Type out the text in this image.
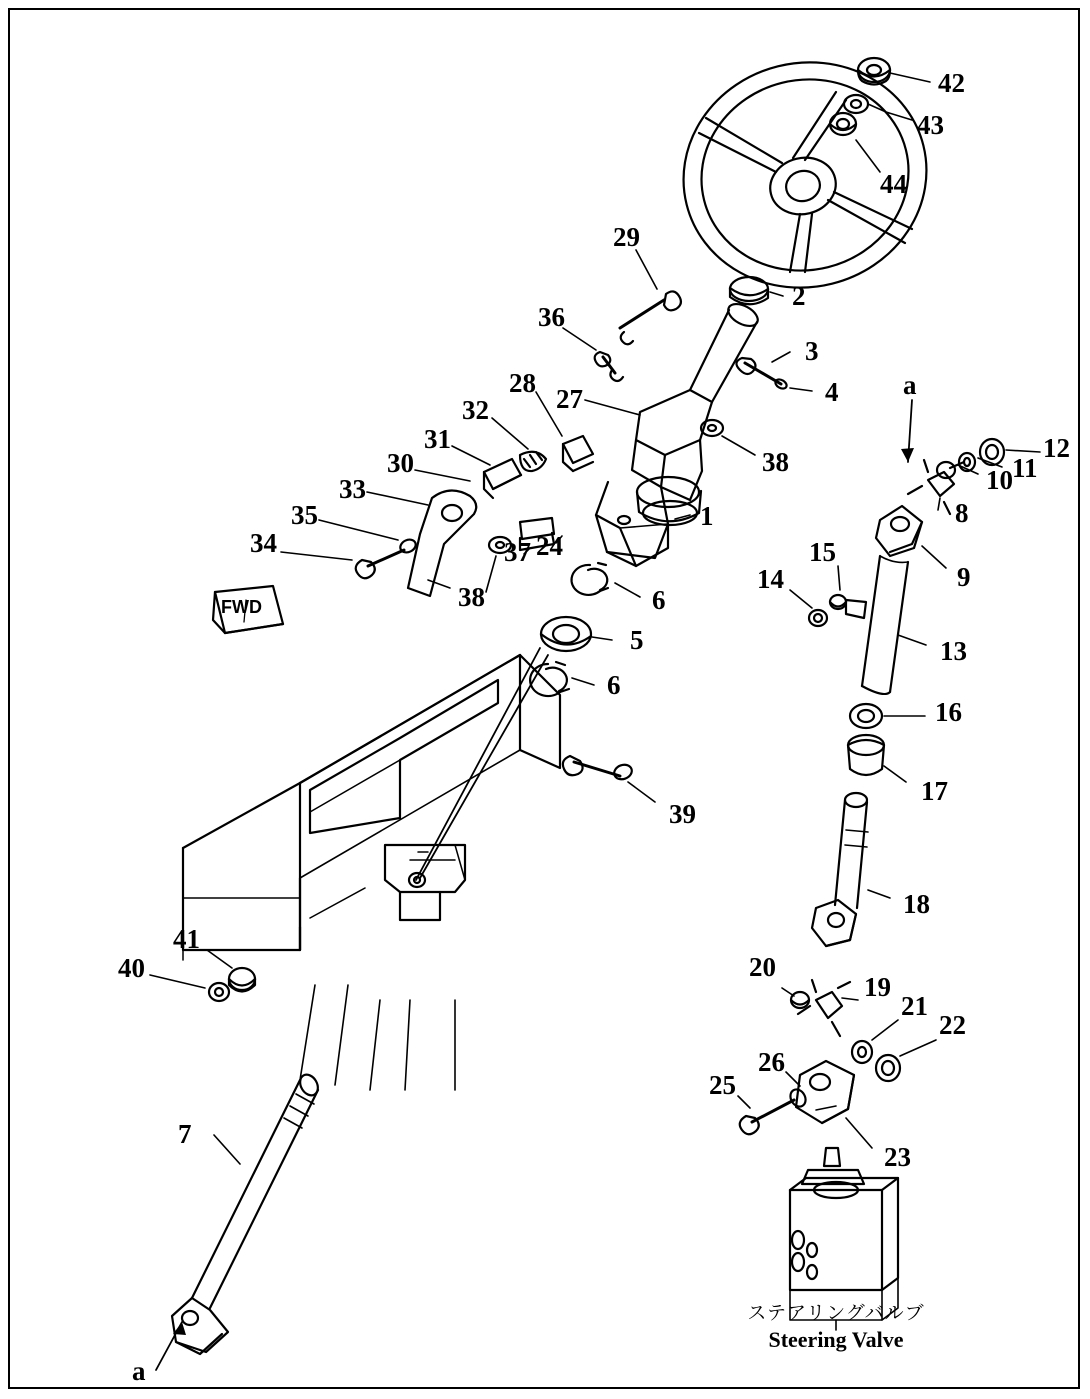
FWD
a
a
1
2
3
4
5
6
6
7
8
9
10 11
12
13
14
15
16
17
18
19
20
21
22
23
24
25
26
27
28
29
30
31
32
33
34
35
36
37
38
38
39
40
41
42
43
44
ステアリングバルブ
Steering Valve
